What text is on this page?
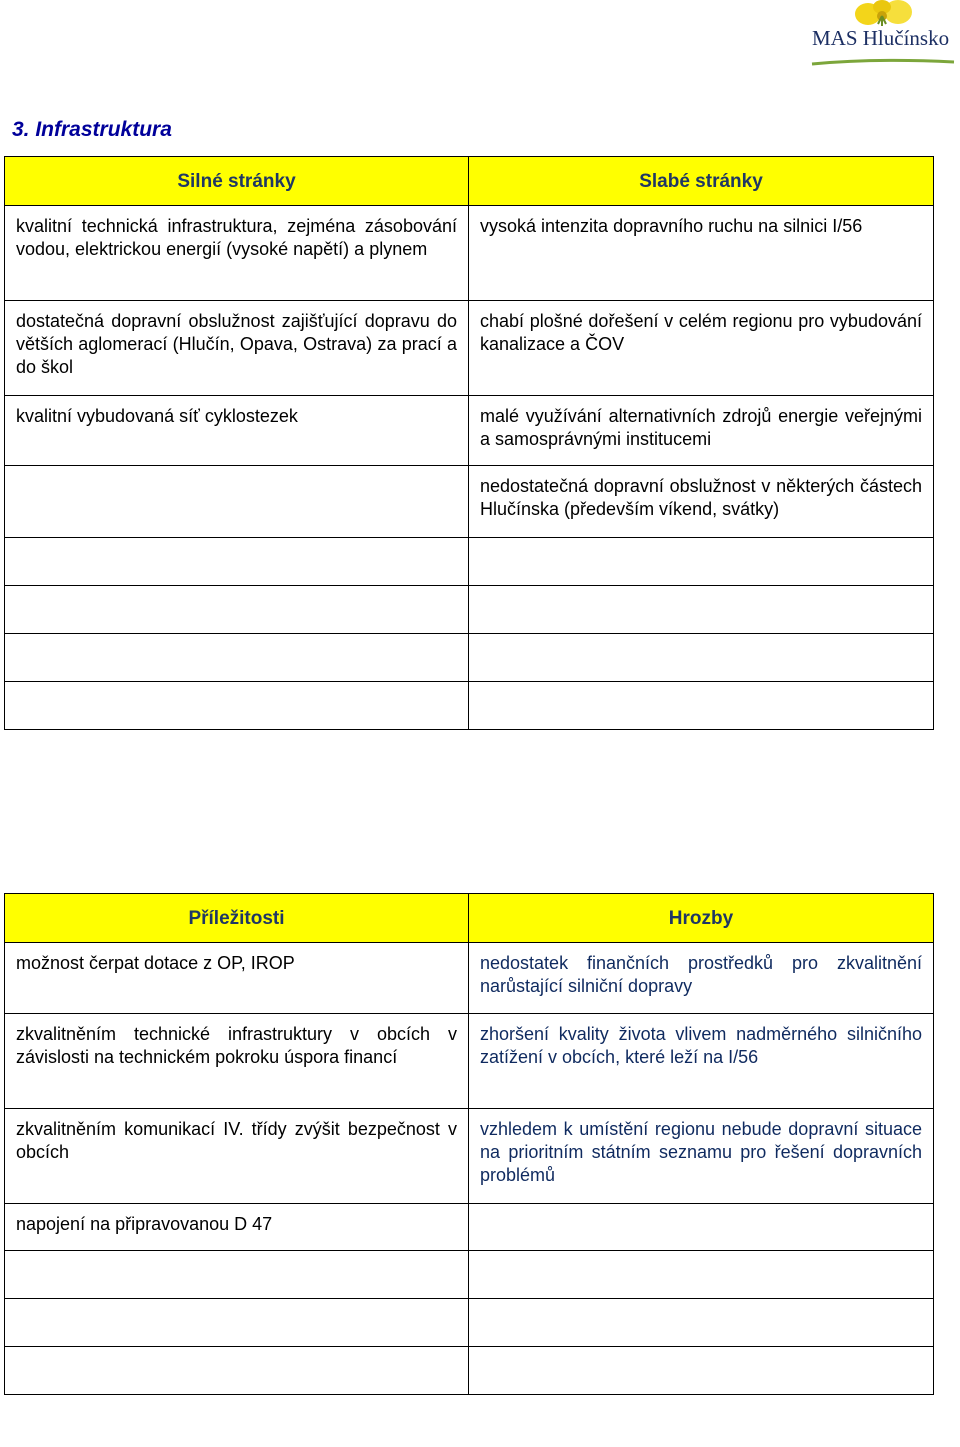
MAS Hlučínsko
3. Infrastruktura
Silné stránky	Slabé stránky
kvalitní technická infrastruktura, zejména zásobování vodou, elektrickou energií (vysoké napětí) a plynem	vysoká intenzita dopravního ruchu na silnici I/56
dostatečná dopravní obslužnost zajišťující dopravu do větších aglomerací (Hlučín, Opava, Ostrava) za prací a do škol	chabí plošné dořešení v celém regionu pro vybudování kanalizace a ČOV
kvalitní vybudovaná síť cyklostezek	malé využívání alternativních zdrojů energie veřejnými a samosprávnými institucemi
	nedostatečná dopravní obslužnost v některých částech Hlučínska (především víkend, svátky)

Příležitosti	Hrozby
možnost čerpat dotace z OP, IROP	nedostatek finančních prostředků pro zkvalitnění narůstající silniční dopravy
zkvalitněním technické infrastruktury v obcích v závislosti na technickém pokroku úspora financí	zhoršení kvality života vlivem nadměrného silničního zatížení v obcích, které leží na I/56
zkvalitněním komunikací IV. třídy zvýšit bezpečnost v obcích	vzhledem k umístění regionu nebude dopravní situace na prioritním státním seznamu pro řešení dopravních problémů
napojení na připravovanou D 47	
